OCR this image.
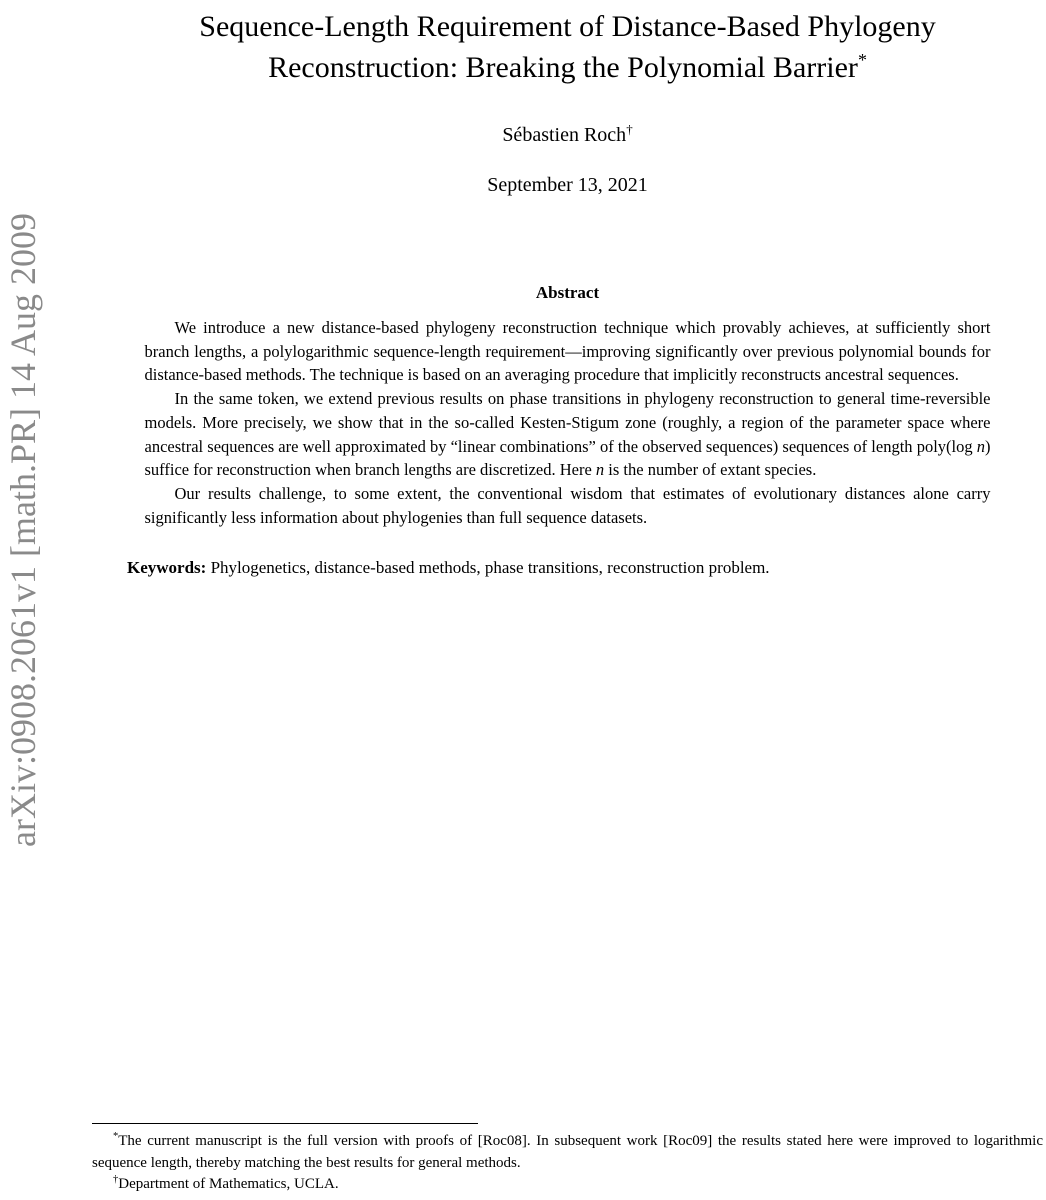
arXiv:0908.2061v1 [math.PR] 14 Aug 2009
Sequence-Length Requirement of Distance-Based Phylogeny
Reconstruction: Breaking the Polynomial Barrier*
Sébastien Roch†
September 13, 2021
Abstract

We introduce a new distance-based phylogeny reconstruction technique which provably achieves, at sufficiently short branch lengths, a polylogarithmic sequence-length requirement—improving significantly over previous polynomial bounds for distance-based methods. The technique is based on an averaging procedure that implicitly reconstructs ancestral sequences.

In the same token, we extend previous results on phase transitions in phylogeny reconstruction to general time-reversible models. More precisely, we show that in the so-called Kesten-Stigum zone (roughly, a region of the parameter space where ancestral sequences are well approximated by “linear combinations” of the observed sequences) sequences of length poly(log n) suffice for reconstruction when branch lengths are discretized. Here n is the number of extant species.

Our results challenge, to some extent, the conventional wisdom that estimates of evolutionary distances alone carry significantly less information about phylogenies than full sequence datasets.

Keywords: Phylogenetics, distance-based methods, phase transitions, reconstruction problem.

*The current manuscript is the full version with proofs of [Roc08]. In subsequent work [Roc09] the results stated here were improved to logarithmic sequence length, thereby matching the best results for general methods.

†Department of Mathematics, UCLA.
